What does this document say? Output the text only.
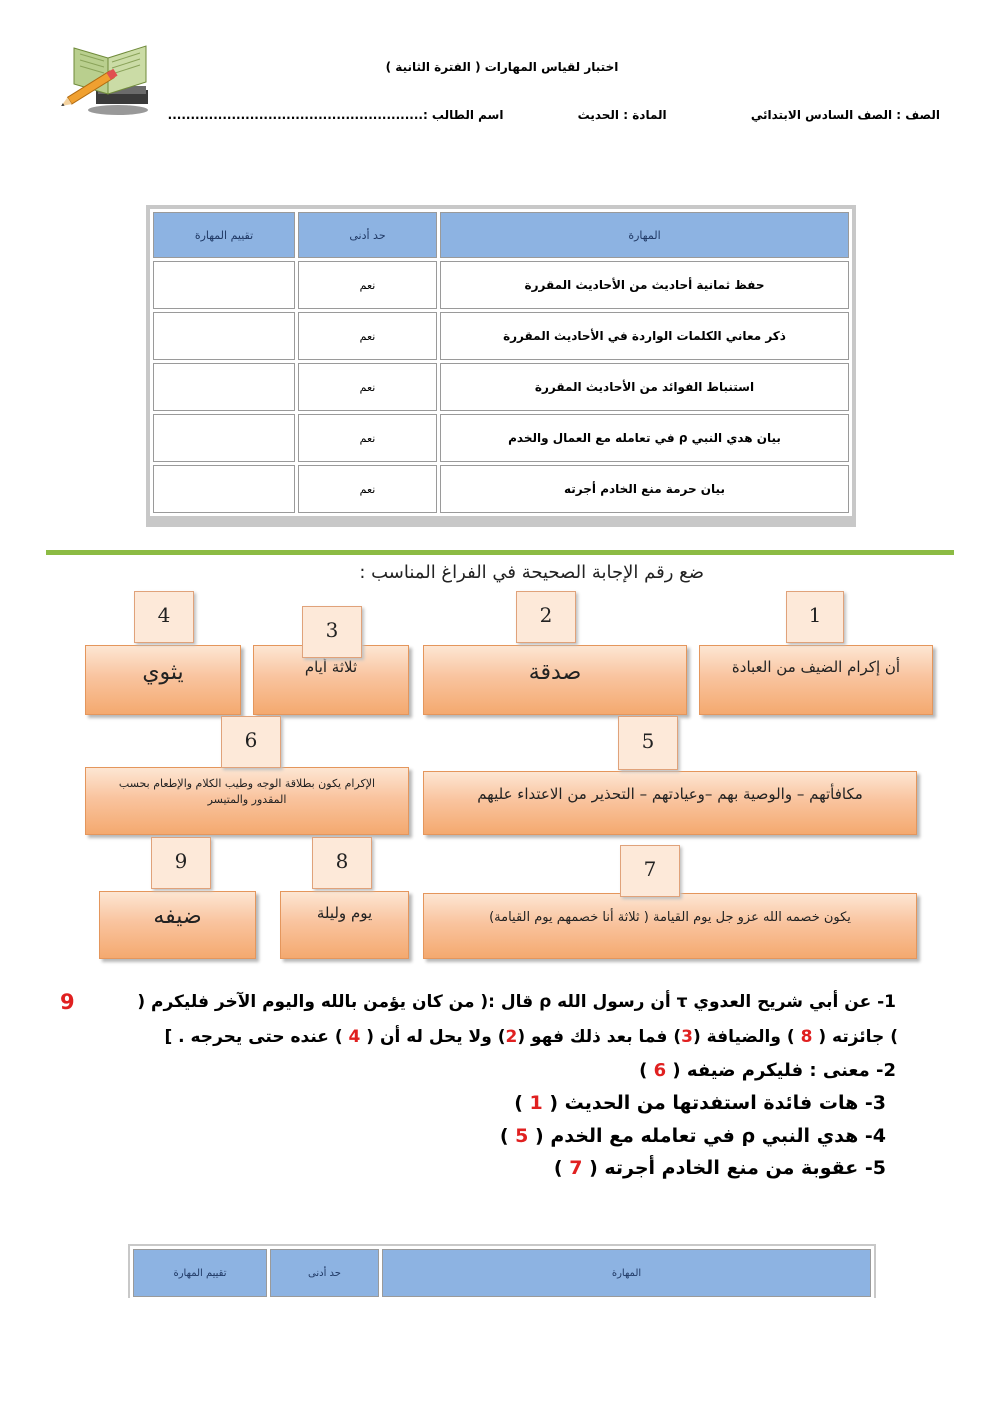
اختبار لقياس المهارات ( الفترة الثانية )
الصف : الصف السادس الابتدائي المادة : الحديث اسم الطالب :........................................................
المهارة	حد أدنى	تقييم المهارة
حفظ ثمانية أحاديث من الأحاديث المقررة	نعم	
ذكر معاني الكلمات الواردة في الأحاديث المقررة	نعم	
استنباط الفوائد من الأحاديث المقررة	نعم	
بيان هدي النبي ρ في تعامله مع العمال والخدم	نعم	
بيان حرمة منع الخادم أجرته	نعم	
ضع رقم الإجابة الصحيحة في الفراغ المناسب :
أن إكرام الضيف من العبادة
صدقة
ثلاثة أيام
يثوي
1
2
3
4
مكافأتهم – والوصية بهم –وعيادتهم – التحذير من الاعتداء عليهم
الإكرام يكون بطلاقة الوجه وطيب الكلام والإطعام بحسب المقدور والمتيسر
5
6
يكون خصمه الله عزو جل يوم القيامة ( ثلاثة أنا خصمهم يوم القيامة)
يوم وليلة
ضيفه
7
8
9
1- عن أبي شريح العدوي τ أن رسول الله ρ قال :( من كان يؤمن بالله واليوم الآخر فليكرم (
9
) جائزته ( 8 ) والضيافة (3) فما بعد ذلك فهو (2) ولا يحل له أن ( 4 ) عنده حتى يحرجه . ]
2- معنى : فليكرم ضيفه ( 6 )
3- هات فائدة استفدتها من الحديث ( 1 )
4- هدي النبي ρ في تعامله مع الخدم ( 5 )
5- عقوبة من منع الخادم أجرته ( 7 )
المهارة	حد أدنى	تقييم المهارة
